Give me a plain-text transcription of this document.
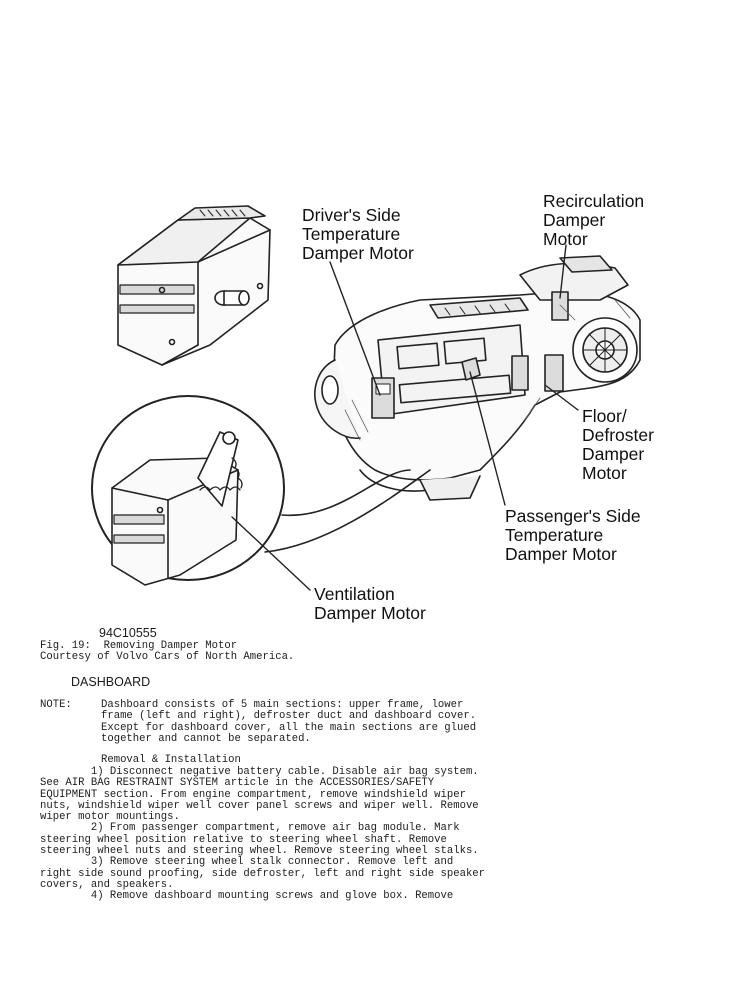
Driver's Side
Temperature
Damper Motor
Recirculation
Damper
Motor
Floor/
Defroster
Damper
Motor
Passenger's Side
Temperature
Damper Motor
Ventilation
Damper Motor
94C10555
Fig. 19:  Removing Damper Motor
Courtesy of Volvo Cars of North America.
DASHBOARD
NOTE:	Dashboard consists of 5 main sections: upper frame, lower
frame (left and right), defroster duct and dashboard cover.
Except for dashboard cover, all the main sections are glued
together and cannot be separated.
Removal & Installation
1) Disconnect negative battery cable. Disable air bag system.
See AIR BAG RESTRAINT SYSTEM article in the ACCESSORIES/SAFETY
EQUIPMENT section. From engine compartment, remove windshield wiper
nuts, windshield wiper well cover panel screws and wiper well. Remove
wiper motor mountings.
2) From passenger compartment, remove air bag module. Mark
steering wheel position relative to steering wheel shaft. Remove
steering wheel nuts and steering wheel. Remove steering wheel stalks.
3) Remove steering wheel stalk connector. Remove left and
right side sound proofing, side defroster, left and right side speaker
covers, and speakers.
4) Remove dashboard mounting screws and glove box. Remove
